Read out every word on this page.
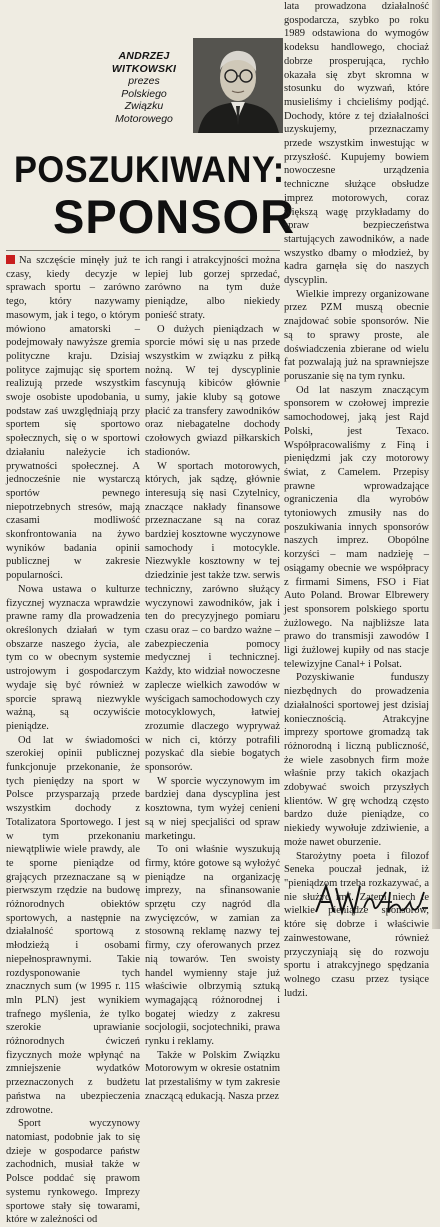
ANDRZEJ WITKOWSKI
prezes
Polskiego
Związku
Motorowego
POSZUKIWANY:
SPONSOR

Na szczęście minęły już te czasy, kiedy decyzje w sprawach sportu – zarówno tego, który nazywamy masowym, jak i tego, o którym mówiono amatorski – podejmowały nawyższe gremia polityczne kraju. Dzisiaj polityce zajmując się sportem realizują przede wszystkim swoje osobiste upodobania, u podstaw zaś uwzględniają przy sportem się sportowo społecznych, się o w sportowi działaniu należycie ich prywatności społecznej. A jednocześnie nie wystarczą sportów pewnego niepotrzebnych stresów, mają czasami modliwość skonfrontowania na żywo wyników badania opinii publicznej w zakresie popularności.

Nowa ustawa o kulturze fizycznej wyznacza wprawdzie prawne ramy dla prowadzenia określonych działań w tym obszarze naszego życia, ale tym co w obecnym systemie ustrojowym i gospodarczym wydaje się być również w sporcie sprawą niezwykle ważną, są oczywiście pieniądze.

Od lat w świadomości szerokiej opinii publicznej funkcjonuje przekonanie, że tych pieniędzy na sport w Polsce przysparzają przede wszystkim dochody z Totalizatora Sportowego. I jest w tym przekonaniu niewątpliwie wiele prawdy, ale te sporne pieniądze od grających przeznaczane są w pierwszym rzędzie na budowę różnorodnych obiektów sportowych, a następnie na działalność sportową z młodzieżą i osobami niepełnosprawnymi. Takie rozdysponowanie tych znacznych sum (w 1995 r. 115 mln PLN) jest wynikiem trafnego myślenia, że tylko szerokie uprawianie różnorodnych ćwiczeń fizycznych może wpłynąć na zmniejszenie wydatków przeznaczonych z budżetu państwa na ubezpieczenia zdrowotne.

Sport wyczynowy natomiast, podobnie jak to się dzieje w gospodarce państw zachodnich, musiał także w Polsce poddać się prawom systemu rynkowego. Imprezy sportowe stały się towarami, które w zależności od

ich rangi i atrakcyjności można lepiej lub gorzej sprzedać, zarówno na tym duże pieniądze, albo niekiedy ponieść straty.

O dużych pieniądzach w sporcie mówi się u nas przede wszystkim w związku z piłką nożną. W tej dyscyplinie fascynują kibiców głównie sumy, jakie kluby są gotowe płacić za transfery zawodników oraz niebagatelne dochody czołowych gwiazd piłkarskich stadionów.

W sportach motorowych, których, jak sądzę, głównie interesują się nasi Czytelnicy, znaczące nakłady finansowe przeznaczane są na coraz bardziej kosztowne wyczynowe samochody i motocykle. Niezwykle kosztowny w tej dziedzinie jest także tzw. serwis techniczny, zarówno służący wyczynowi zawodników, jak i ten do precyzyjnego pomiaru czasu oraz – co bardzo ważne – zabezpieczenia pomocy medycznej i technicznej. Każdy, kto widział nowoczesne zaplecze wielkich zawodów w wyścigach samochodowych czy motocyklowych, łatwiej zrozumie dlaczego wypryważ w nich ci, którzy potrafili pozyskać dla siebie bogatych sponsorów.

W sporcie wyczynowym im bardziej dana dyscyplina jest kosztowna, tym wyżej cenieni są w niej specjaliści od spraw marketingu.

To oni właśnie wyszukują firmy, które gotowe są wyłożyć pieniądze na organizację imprezy, na sfinansowanie sprzętu czy nagród dla zwycięzców, w zamian za stosowną reklamę nazwy tej firmy, czy oferowanych przez nią towarów. Ten swoisty handel wymienny staje już właściwie olbrzymią sztuką wymagającą różnorodnej i bogatej wiedzy z zakresu socjologii, socjotechniki, prawa rynku i reklamy.

Także w Polskim Związku Motorowym w okresie ostatnim lat przestaliśmy w tym zakresie znaczącą edukacją. Nasza przez

lata prowadzona działalność gospodarcza, szybko po roku 1989 odstawiona do wymogów kodeksu handlowego, chociaż dobrze prosperująca, rychło okazała się zbyt skromna w stosunku do wyzwań, które musieliśmy i chcieliśmy podjąć. Dochody, które z tej działalności uzyskujemy, przeznaczamy przede wszystkim inwestując w przyszłość. Kupujemy bowiem nowoczesne urządzenia techniczne służące obsłudze imprez motorowych, coraz większą wagę przykładamy do spraw bezpieczeństwa startujących zawodników, a nade wszystko dbamy o młodzież, by kadra garnęła się do naszych dyscyplin.

Wielkie imprezy organizowane przez PZM muszą obecnie znajdować sobie sponsorów. Nie są to sprawy proste, ale doświadczenia zbierane od wielu fat pozwalają już na sprawniejsze poruszanie się na tym rynku.

Od lat naszym znaczącym sponsorem w czołowej imprezie samochodowej, jaką jest Rajd Polski, jest Texaco. Współpracowaliśmy z Finą i pieniędzmi jak czy motorowy świat, z Camelem. Przepisy prawne wprowadzające ograniczenia dla wyrobów tytoniowych zmusiły nas do poszukiwania innych sponsorów naszych imprez. Obopólne korzyści – mam nadzieję – osiągamy obecnie we współpracy z firmami Simens, FSO i Fiat Auto Poland. Browar Elbrewery jest sponsorem polskiego sportu żużlowego. Na najbliższe lata prawo do transmisji zawodów I ligi żużlowej kupiły od nas stacje telewizyjne Canal+ i Polsat.

Pozyskiwanie funduszy niezbędnych do prowadzenia działalności sportowej jest dzisiaj koniecznością. Atrakcyjne imprezy sportowe gromadzą tak różnorodną i liczną publiczność, że wiele zasobnych firm może właśnie przy takich okazjach zdobywać swoich przyszłych klientów. W grę wchodzą często bardzo duże pieniądze, co niekiedy wywołuje zdziwienie, a może nawet oburzenie.

Starożytny poeta i filozof Seneka pouczał jednak, iż "pieniądzom trzeba rozkazywać, a nie służyć im". Zatem niech te wielkie pieniądze sponsorów, które się dobrze i właściwie zainwestowane, również przyczyniają się do rozwoju sportu i atrakcyjnego spędzania wolnego czasu przez tysiące ludzi.
